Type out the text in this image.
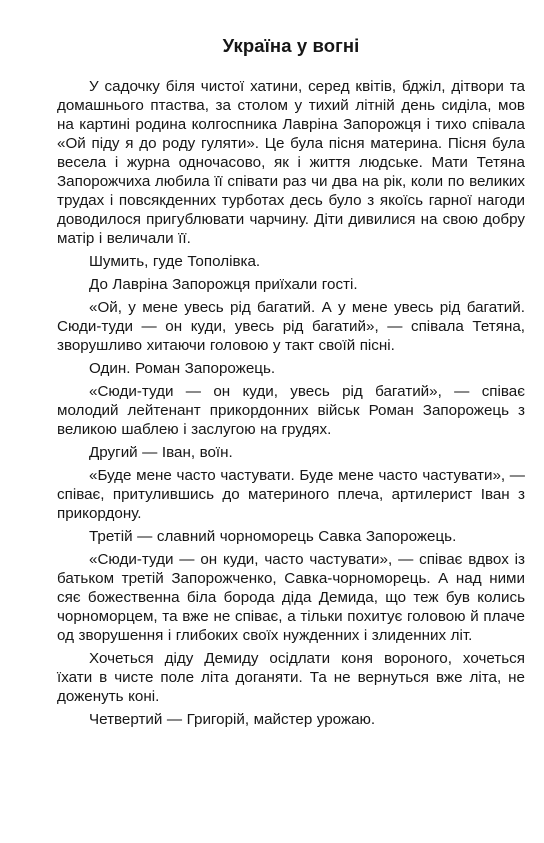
Україна у вогні

У садочку біля чистої хатини, серед квітів, бджіл, дітвори та домашнього птаства, за столом у тихий літній день сиділа, мов на картині родина колгоспника Лавріна Запорожця і тихо співала «Ой піду я до роду гуляти». Це була пісня материна. Пісня була весела і журна одночасово, як і життя людське. Мати Тетяна Запорожчиха любила її співати раз чи два на рік, коли по великих трудах і повсякденних турботах десь було з якоїсь гарної нагоди доводилося пригублювати чарчину. Діти дивилися на свою добру матір і величали її.

Шумить, гуде Тополівка.

До Лавріна Запорожця приїхали гості.

«Ой, у мене увесь рід багатий. А у мене увесь рід багатий. Сюди-туди — он куди, увесь рід багатий», — співала Тетяна, зворушливо хитаючи головою у такт своїй пісні.

Один. Роман Запорожець.

«Сюди-туди — он куди, увесь рід багатий», — співає молодий лейтенант прикордонних військ Роман Запорожець з великою шаблею і заслугою на грудях.

Другий — Іван, воїн.

«Буде мене часто частувати. Буде мене часто частувати», — співає, притулившись до материного плеча, артилерист Іван з прикордону.

Третій — славний чорноморець Савка Запорожець.

«Сюди-туди — он куди, часто частувати», — співає вдвох із батьком третій Запорожченко, Савка-чорноморець. А над ними сяє божественна біла борода діда Демида, що теж був колись чорноморцем, та вже не співає, а тільки похитує головою й плаче од зворушення і глибоких своїх нужденних і злиденних літ.

Хочеться діду Демиду осідлати коня вороного, хочеться їхати в чисте поле літа доганяти. Та не вернуться вже літа, не доженуть коні.

Четвертий — Григорій, майстер урожаю.
